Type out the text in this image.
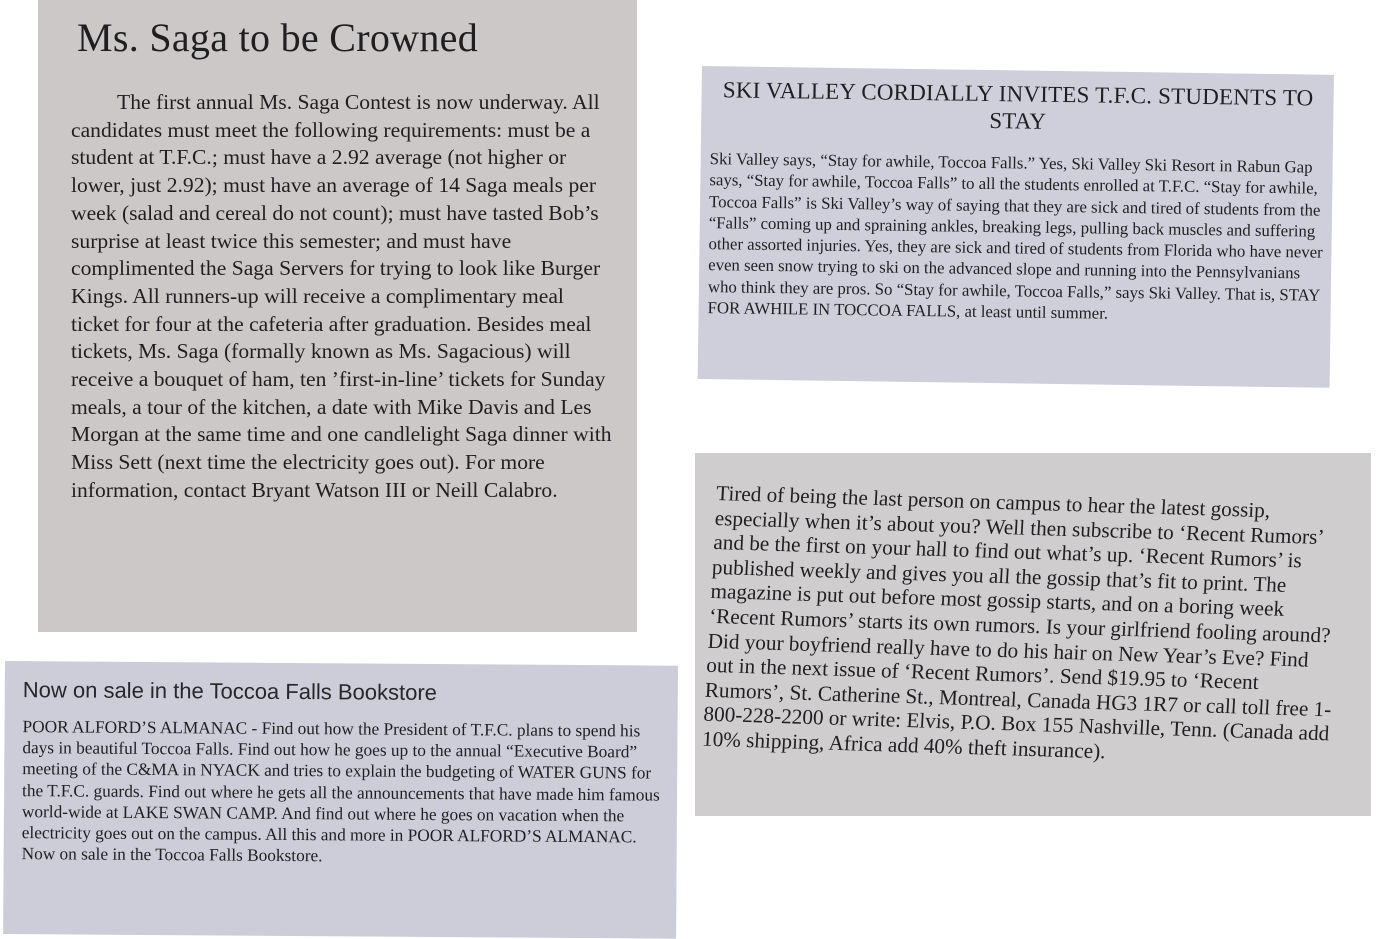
Ms. Saga to be Crowned

The first annual Ms. Saga Contest is now underway. All candidates must meet the following requirements: must be a student at T.F.C.; must have a 2.92 average (not higher or lower, just 2.92); must have an average of 14 Saga meals per week (salad and cereal do not count); must have tasted Bob’s surprise at least twice this semester; and must have complimented the Saga Servers for trying to look like Burger Kings. All runners-up will receive a complimentary meal ticket for four at the cafeteria after graduation. Besides meal tickets, Ms. Saga (formally known as Ms. Sagacious) will receive a bouquet of ham, ten ’first-in-line’ tickets for Sunday meals, a tour of the kitchen, a date with Mike Davis and Les Morgan at the same time and one candlelight Saga dinner with Miss Sett (next time the electricity goes out). For more information, contact Bryant Watson III or Neill Calabro.

SKI VALLEY CORDIALLY INVITES T.F.C. STUDENTS TO STAY

Ski Valley says, “Stay for awhile, Toccoa Falls.” Yes, Ski Valley Ski Resort in Rabun Gap says, “Stay for awhile, Toccoa Falls” to all the students enrolled at T.F.C. “Stay for awhile, Toccoa Falls” is Ski Valley’s way of saying that they are sick and tired of students from the “Falls” coming up and spraining ankles, breaking legs, pulling back muscles and suffering other assorted injuries. Yes, they are sick and tired of students from Florida who have never even seen snow trying to ski on the advanced slope and running into the Pennsylvanians who think they are pros. So “Stay for awhile, Toccoa Falls,” says Ski Valley. That is, STAY FOR AWHILE IN TOCCOA FALLS, at least until summer.

Now on sale in the Toccoa Falls Bookstore

POOR ALFORD’S ALMANAC - Find out how the President of T.F.C. plans to spend his days in beautiful Toccoa Falls. Find out how he goes up to the annual “Executive Board” meeting of the C&MA in NYACK and tries to explain the budgeting of WATER GUNS for the T.F.C. guards. Find out where he gets all the announcements that have made him famous world-wide at LAKE SWAN CAMP. And find out where he goes on vacation when the electricity goes out on the campus. All this and more in POOR ALFORD’S ALMANAC. Now on sale in the Toccoa Falls Bookstore.

Tired of being the last person on campus to hear the latest gossip, especially when it’s about you? Well then subscribe to ‘Recent Rumors’ and be the first on your hall to find out what’s up. ‘Recent Rumors’ is published weekly and gives you all the gossip that’s fit to print. The magazine is put out before most gossip starts, and on a boring week ‘Recent Rumors’ starts its own rumors. Is your girlfriend fooling around? Did your boyfriend really have to do his hair on New Year’s Eve? Find out in the next issue of ‘Recent Rumors’. Send $19.95 to ‘Recent Rumors’, St. Catherine St., Montreal, Canada HG3 1R7 or call toll free 1-800-228-2200 or write: Elvis, P.O. Box 155 Nashville, Tenn. (Canada add 10% shipping, Africa add 40% theft insurance).
